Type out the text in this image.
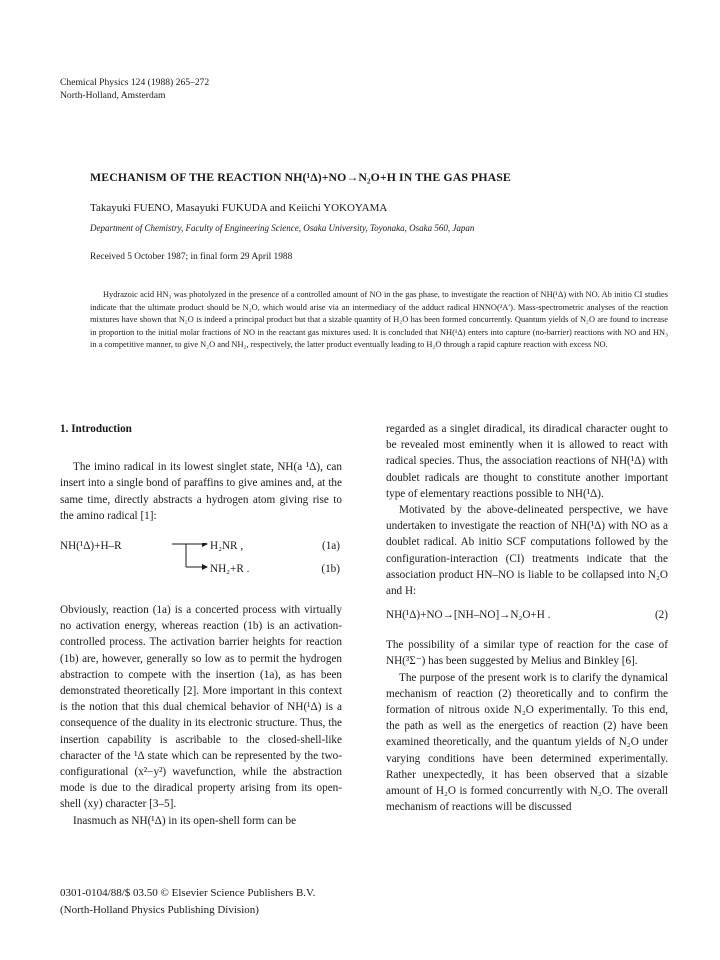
Chemical Physics 124 (1988) 265–272
North-Holland, Amsterdam
MECHANISM OF THE REACTION NH(¹Δ)+NO→N₂O+H IN THE GAS PHASE
Takayuki FUENO, Masayuki FUKUDA and Keiichi YOKOYAMA
Department of Chemistry, Faculty of Engineering Science, Osaka University, Toyonaka, Osaka 560, Japan
Received 5 October 1987; in final form 29 April 1988

Hydrazoic acid HN₃ was photolyzed in the presence of a controlled amount of NO in the gas phase, to investigate the reaction of NH(¹Δ) with NO. Ab initio CI studies indicate that the ultimate product should be N₂O, which would arise via an intermediacy of the adduct radical HNNO(²A′). Mass-spectrometric analyses of the reaction mixtures have shown that N₂O is indeed a principal product but that a sizable quantity of H₂O has been formed concurrently. Quantum yields of N₂O are found to increase in proportion to the initial molar fractions of NO in the reactant gas mixtures used. It is concluded that NH(¹Δ) enters into capture (no-barrier) reactions with NO and HN₃ in a competitive manner, to give N₂O and NH₂, respectively, the latter product eventually leading to H₂O through a rapid capture reaction with excess NO.

1. Introduction

The imino radical in its lowest singlet state, NH(a ¹Δ), can insert into a single bond of paraffins to give amines and, at the same time, directly abstracts a hydrogen atom giving rise to the amino radical [1]:

NH(¹Δ)+H–R	H₂NR ,
NH₂+R .
(1a)
(1b)

Obviously, reaction (1a) is a concerted process with virtually no activation energy, whereas reaction (1b) is an activation-controlled process. The activation barrier heights for reaction (1b) are, however, generally so low as to permit the hydrogen abstraction to compete with the insertion (1a), as has been demonstrated theoretically [2]. More important in this context is the notion that this dual chemical behavior of NH(¹Δ) is a consequence of the duality in its electronic structure. Thus, the insertion capability is ascribable to the closed-shell-like character of the ¹Δ state which can be represented by the two-configurational (x²−y²) wavefunction, while the abstraction mode is due to the diradical property arising from its open-shell (xy) character [3–5].

Inasmuch as NH(¹Δ) in its open-shell form can be

regarded as a singlet diradical, its diradical character ought to be revealed most eminently when it is allowed to react with radical species. Thus, the association reactions of NH(¹Δ) with doublet radicals are thought to constitute another important type of elementary reactions possible to NH(¹Δ).

Motivated by the above-delineated perspective, we have undertaken to investigate the reaction of NH(¹Δ) with NO as a doublet radical. Ab initio SCF computations followed by the configuration-interaction (CI) treatments indicate that the association product HN–NO is liable to be collapsed into N₂O and H:

NH(¹Δ)+NO→[NH–NO]→N₂O+H .	(2)

The possibility of a similar type of reaction for the case of NH(³Σ⁻) has been suggested by Melius and Binkley [6].

The purpose of the present work is to clarify the dynamical mechanism of reaction (2) theoretically and to confirm the formation of nitrous oxide N₂O experimentally. To this end, the path as well as the energetics of reaction (2) have been examined theoretically, and the quantum yields of N₂O under varying conditions have been determined experimentally. Rather unexpectedly, it has been observed that a sizable amount of H₂O is formed concurrently with N₂O. The overall mechanism of reactions will be discussed

0301-0104/88/$ 03.50 © Elsevier Science Publishers B.V.
(North-Holland Physics Publishing Division)
